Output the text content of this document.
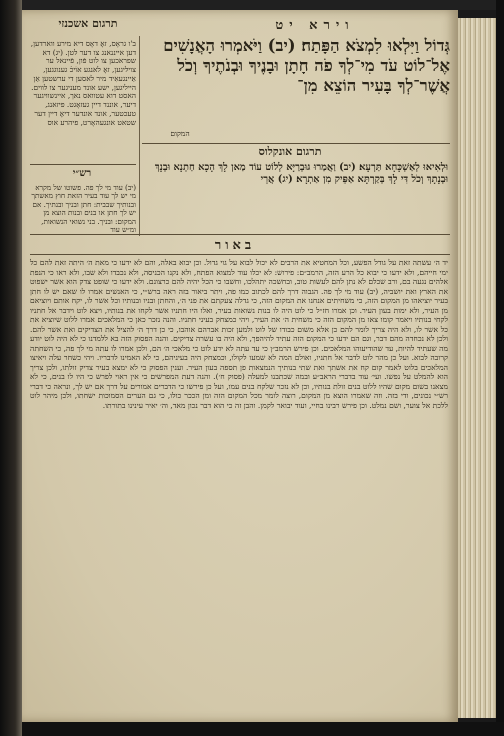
תרגום אשכנזי	וירא יט
ב'ו גראָס, זאָ דאָס דיא מירע ווארדען, דען אייננאנג צו דער לטן. (יג) דא שפראכען צו לוט פֿון, פֿיינאל ער צויליגען, זאָ לאנגע אוֹיכֿ גענוגגען, אַיינגעאִיד מיר לאסען די ערשטען אַן הייליגען, ישע אונד מעניגער צו לווים. האסט דוא עטוואס נאך, איינשוויגער דיער, אוננד דיין געזאָגט. פיזאנג, טעכטער, אונד אונדער דיאָ דיין דער שטאט אונגעהאָרט, פיהרע אוס
גְּדוֹל וַיִּלְאוּ לִמְצֹא הַפָּתַח׃ (יב) וַיֹּאמְרוּ הָאֲנָשִׁים אֶל־לוֹט עֹד מִי־לְךָ פֹה חָתָן וּבָנֶיךָ וּבְנֹתֶיךָ וְכֹל אֲשֶׁר־לְךָ בָּעִיר הוֹצֵא מִן־
המקום
תרגום אונקלוס
וּלְאִיאוּ לְאַשְׁכָּחָא תַּרְעָא׃ (יב) וַאֲמַרוּ גּוּבְרַיָּא לְלוֹט עוֹד מַאן לָךְ הָכָא חַתְנָא וּבְנָךְ וּבְנָתָךְ וְכֹל דִּי לָךְ בְּקַרְתָּא אַפֵּיק מִן אַתְרָא׃ (יג) אֲרֵי
רש״י
(יב) עוד מי לך פה. פשוטו של מקרא מי יש לך עוד בעיר הזאת חוץ מאשתך ובנותיך שבבית: חתן ובניך ובנתיך. אם יש לך חתן או בנים ובנות הוצא מן המקום: ובניך. בני נשואי הנשואות, ומ״ש עוד
באור
יד ה׳ עשתה זאת על גודל הפשע, וכל המחטיא את הרבים לא יכול לבוא על גוי גדול. וכן יבוא באלה, והם לא ידעו כי מאת ה׳ היתה זאת להם כל ימי חייהם, ולא ידעו כי יבוא כל הרע הזה, הרמב״ם: פירוש: לא יכלו עוד למצוא הפתח, ולא נקנו הכניסה, ולא נכבדו ולא שבו, ולא ראו כי הנפת אלהים נגעה בם, ורב שכלם לא נתן להם לעשות טוב, ובחשכה יתהלכו, וחשבו כי הכל יהיה להם כרצונם. ולא ידעו כי שופט צדק הוא אשר ישפוט את הארץ ואת יושביה, (יב) עוד מי לך פה. הגבוה דרך להם לכתוב כמו פה, ויתר ביאור בזה ראה ברש״י, כי האנשים אמרו לו שאם יש לו חתן בעיר יוציאהו מן המקום הזה, כי משחיתים אנחנו את המקום הזה, כי גדלה צעקתם את פני ה׳, והחתן ובניו ובנותיו וכל אשר לו, יקח אותם ויוציאם מן העיר, ולא ימות בעון העיר. וכן אמרו חז״ל כי לוט היה לו בנות נשואות בעיר, ואלו היו חתניו אשר לקחו את בנותיו, ויצא לוט וידבר אל חתניו לקחי בנותיו ויאמר קומו צאו מן המקום הזה כי משחית ה׳ את העיר, ויהי כמצחק בעיני חתניו. והנה נזכר כאן כי המלאכים אמרו ללוט שיוציא את כל אשר לו, ולא היה צריך לומר להם כן אלא משום כבודו של לוט ולמען זכות אברהם אוהבו, כי כן דרך ה׳ להציל את הצדיקים ואת אשר להם. ולכן לא נכחדה מהם דבר, וגם הם ידעו כי המקום הזה עתיד להיהפך, ולא היה בו עשרה צדיקים. והנה הפסוק הזה בא ללמדנו כי לא היה לוט יודע מה שעתיד להיות, עד שהודיעוהו המלאכים. וכן פירש הרמב״ן כי עד עתה לא ידע לוט כי מלאכי ה׳ הם, ולכן אמרו לו עתה מי לך פה, כי השחתה קרובה לבוא. ועל כן מהר לוט לדבר אל חתניו, ואולם המה לא שמעו לקולו, וכמצחק היה בעיניהם, כי לא האמינו לדבריו. ויהי כשחר עלה ויאיצו המלאכים בלוט לאמר קום קח את אשתך ואת שתי בנותיך הנמצאות פן תספה בעון העיר. וענין הפסוק כי לא ימצא בעיר צדיק זולתו, ולכן צריך הוא להמלט על נפשו. ועי׳ עוד בדברי הראב״ע ובמה שכתבנו למעלה (פסוק ח׳). והנה דעת המפרשים כי אין ראוי לפרש כי היו לו בנים, כי לא מצאנו בשום מקום שהיו ללוט בנים זולת בנותיו, וכן לא נזכר שלקח בנים עמו, ועל כן פירשו כי הדברים אמורים על דרך אם יש לך, ונראה כי דברי רש״י נכונים, ודי בזה. וזה שאמרו הוצא מן המקום, רוצה לומר מכל המקום הזה ומן הככר כולו, כי גם הערים הסמוכות ישחתו, ולכן מיהר לוט ללכת אל צוער, ושם נמלט. וכן פירש רבינו בחיי, ועוד יבואר לקמן. והבן זה כי הוא דבר נכון מאד, וה׳ יאיר עינינו בתורתו.
